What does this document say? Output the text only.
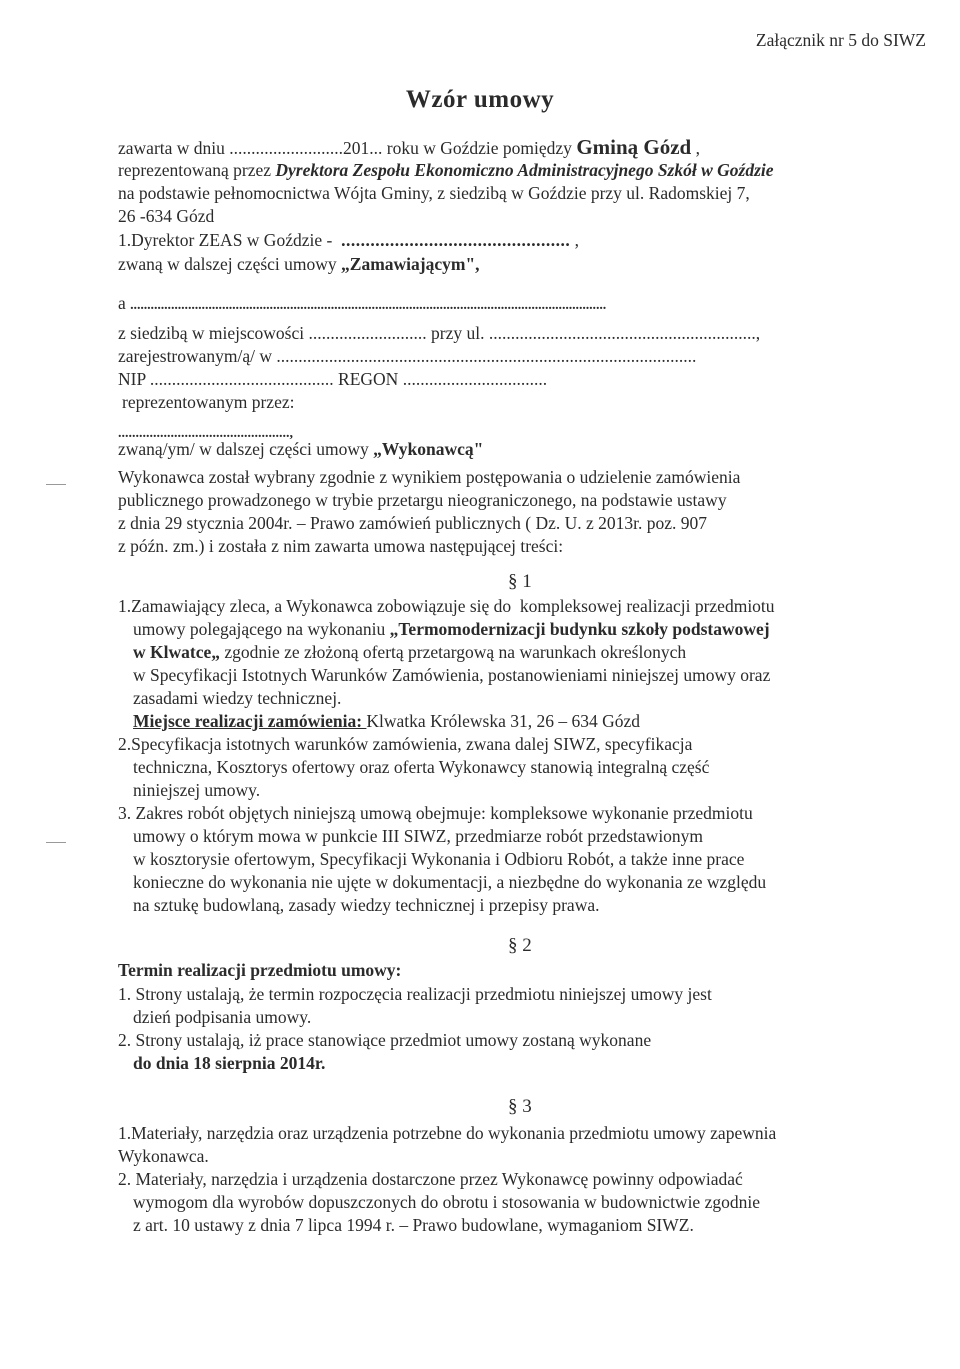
Załącznik nr 5 do SIWZ
Wzór umowy
zawarta w dniu ..........................201... roku w Goździe pomiędzy Gminą Gózd ,
reprezentowaną przez Dyrektora Zespołu Ekonomiczno Administracyjnego Szkół w Goździe
na podstawie pełnomocnictwa Wójta Gminy, z siedzibą w Goździe przy ul. Radomskiej 7,
26 -634 Gózd
1.Dyrektor ZEAS w Goździe -  ............................................... ,
zwaną w dalszej części umowy „Zamawiającym",
a ............................................................................................................................................
z siedzibą w miejscowości ........................... przy ul. .............................................................,
zarejestrowanym/ą/ w ................................................................................................
NIP .......................................... REGON .................................
reprezentowanym przez:
.................................................,
zwaną/ym/ w dalszej części umowy „Wykonawcą"
Wykonawca został wybrany zgodnie z wynikiem postępowania o udzielenie zamówienia
publicznego prowadzonego w trybie przetargu nieograniczonego, na podstawie ustawy
z dnia 29 stycznia 2004r. – Prawo zamówień publicznych ( Dz. U. z 2013r. poz. 907
z późn. zm.) i została z nim zawarta umowa następującej treści:
§ 1
1.Zamawiający zleca, a Wykonawca zobowiązuje się do  kompleksowej realizacji przedmiotu
umowy polegającego na wykonaniu „Termomodernizacji budynku szkoły podstawowej
w Klwatce„ zgodnie ze złożoną ofertą przetargową na warunkach określonych
w Specyfikacji Istotnych Warunków Zamówienia, postanowieniami niniejszej umowy oraz
zasadami wiedzy technicznej.
Miejsce realizacji zamówienia: Klwatka Królewska 31, 26 – 634 Gózd
2.Specyfikacja istotnych warunków zamówienia, zwana dalej SIWZ, specyfikacja
techniczna, Kosztorys ofertowy oraz oferta Wykonawcy stanowią integralną część
niniejszej umowy.
3. Zakres robót objętych niniejszą umową obejmuje: kompleksowe wykonanie przedmiotu
umowy o którym mowa w punkcie III SIWZ, przedmiarze robót przedstawionym
w kosztorysie ofertowym, Specyfikacji Wykonania i Odbioru Robót, a także inne prace
konieczne do wykonania nie ujęte w dokumentacji, a niezbędne do wykonania ze względu
na sztukę budowlaną, zasady wiedzy technicznej i przepisy prawa.
§ 2
Termin realizacji przedmiotu umowy:
1. Strony ustalają, że termin rozpoczęcia realizacji przedmiotu niniejszej umowy jest
dzień podpisania umowy.
2. Strony ustalają, iż prace stanowiące przedmiot umowy zostaną wykonane
do dnia 18 sierpnia 2014r.
§ 3
1.Materiały, narzędzia oraz urządzenia potrzebne do wykonania przedmiotu umowy zapewnia
Wykonawca.
2. Materiały, narzędzia i urządzenia dostarczone przez Wykonawcę powinny odpowiadać
wymogom dla wyrobów dopuszczonych do obrotu i stosowania w budownictwie zgodnie
z art. 10 ustawy z dnia 7 lipca 1994 r. – Prawo budowlane, wymaganiom SIWZ.
